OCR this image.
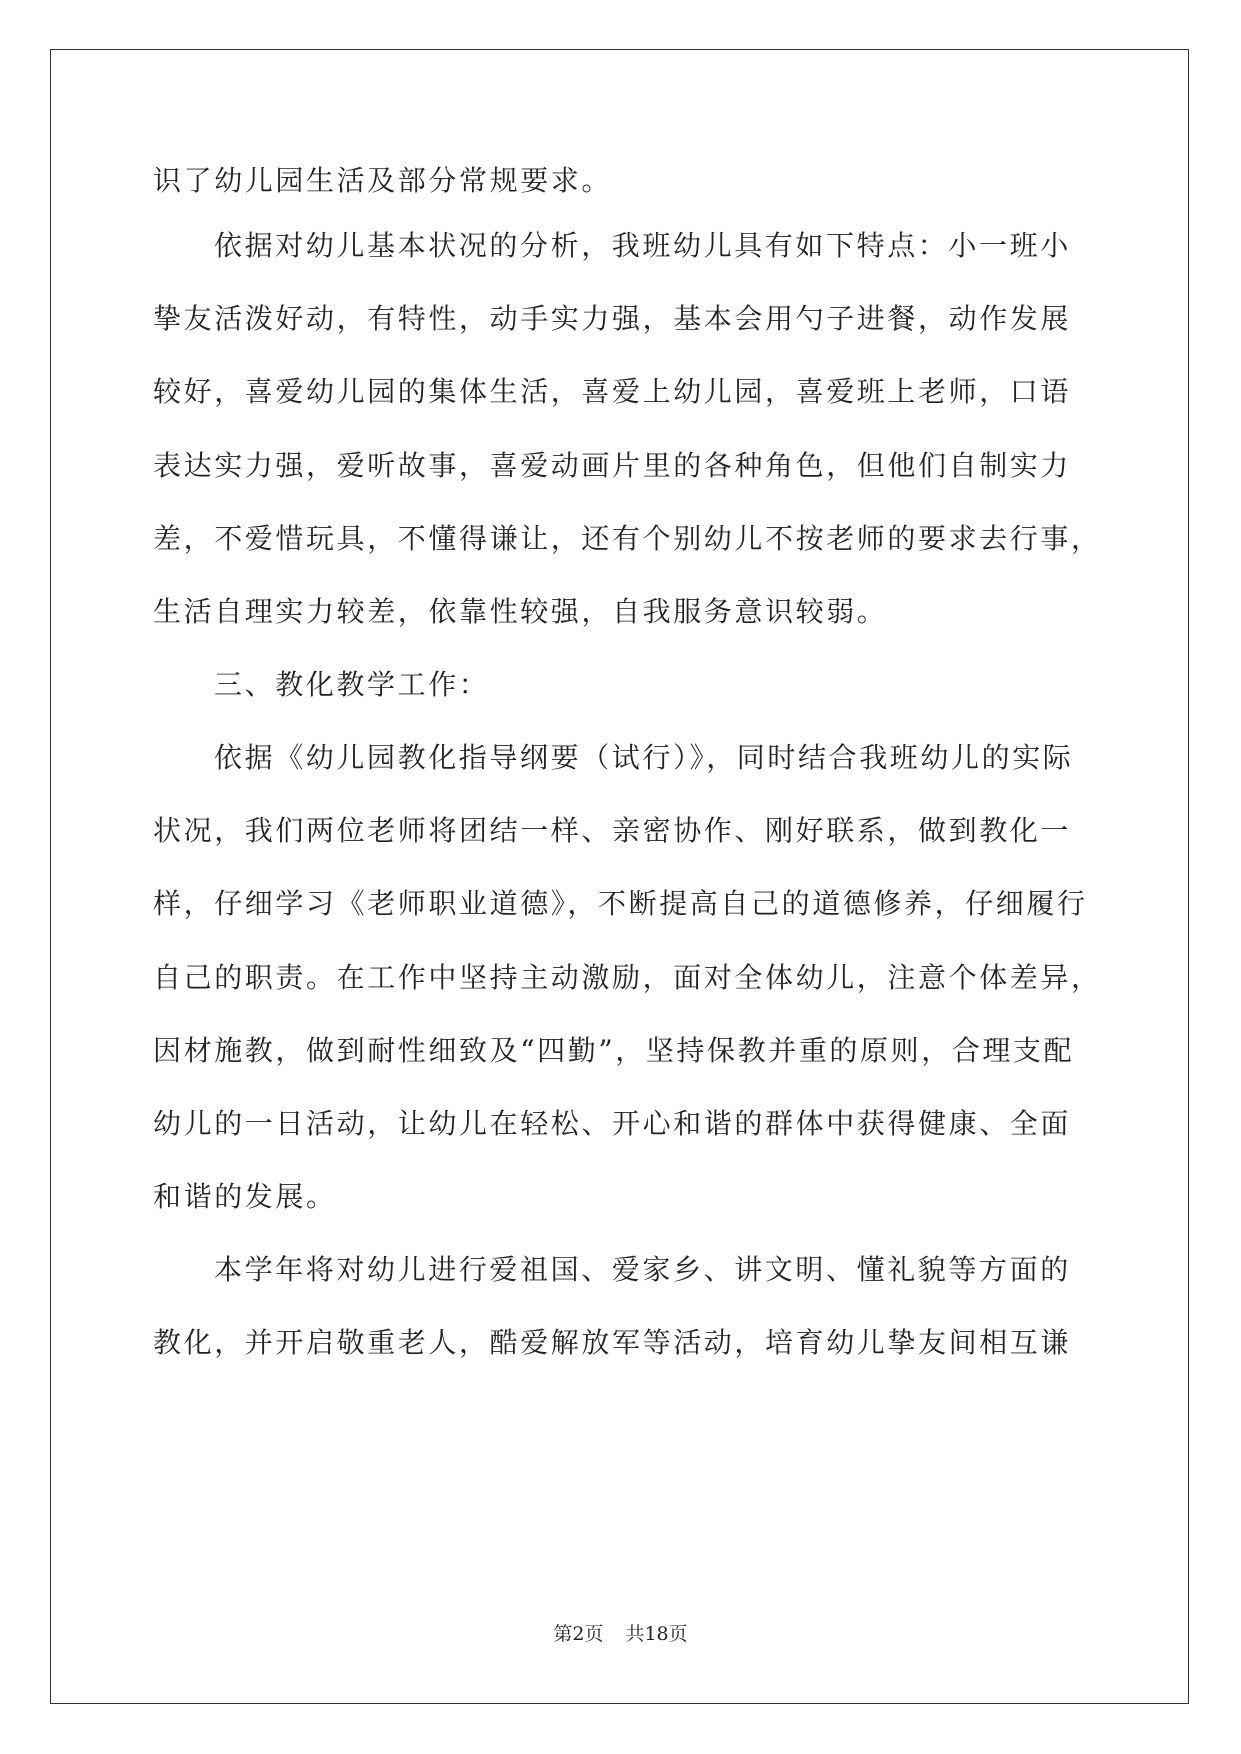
识了幼儿园生活及部分常规要求。
依据对幼儿基本状况的分析，我班幼儿具有如下特点：小一班小
挚友活泼好动，有特性，动手实力强，基本会用勺子进餐，动作发展
较好，喜爱幼儿园的集体生活，喜爱上幼儿园，喜爱班上老师，口语
表达实力强，爱听故事，喜爱动画片里的各种角色，但他们自制实力
差，不爱惜玩具，不懂得谦让，还有个别幼儿不按老师的要求去行事，
生活自理实力较差，依靠性较强，自我服务意识较弱。
三、教化教学工作：
依据《幼儿园教化指导纲要（试行）》，同时结合我班幼儿的实际
状况，我们两位老师将团结一样、亲密协作、刚好联系，做到教化一
样，仔细学习《老师职业道德》，不断提高自己的道德修养，仔细履行
自己的职责。在工作中坚持主动激励，面对全体幼儿，注意个体差异，
因材施教，做到耐性细致及“四勤”，坚持保教并重的原则，合理支配
幼儿的一日活动，让幼儿在轻松、开心和谐的群体中获得健康、全面
和谐的发展。
本学年将对幼儿进行爱祖国、爱家乡、讲文明、懂礼貌等方面的
教化，并开启敬重老人，酷爱解放军等活动，培育幼儿挚友间相互谦
第2页 共18页
